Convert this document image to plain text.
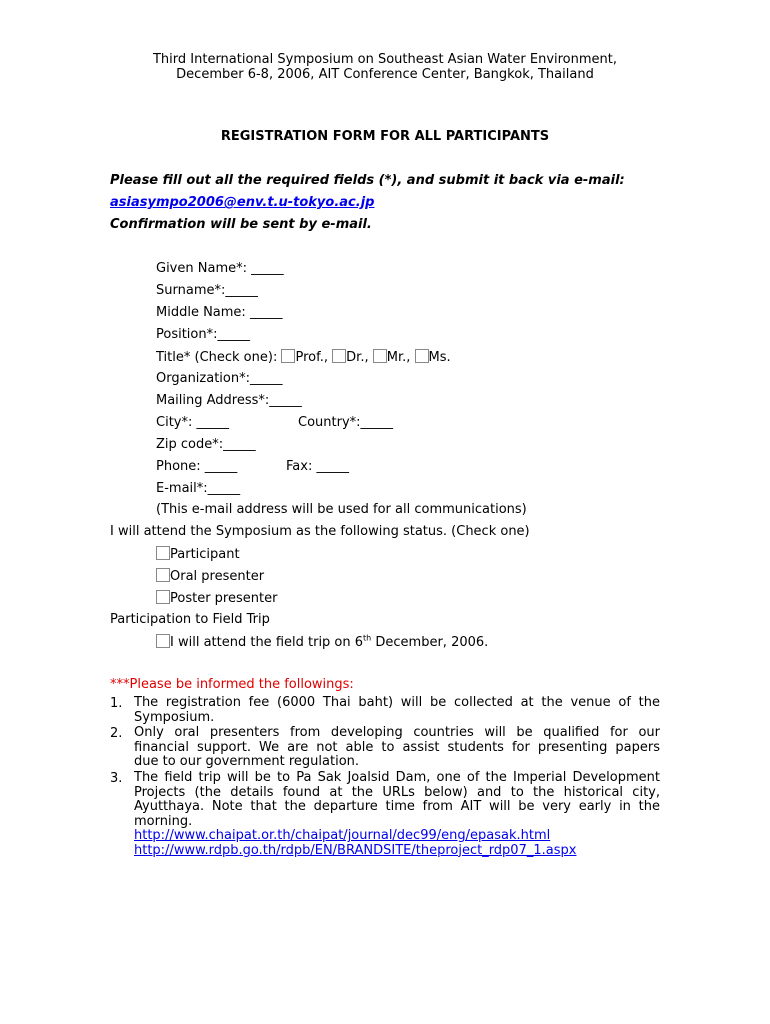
Third International Symposium on Southeast Asian Water Environment,
December 6-8, 2006, AIT Conference Center, Bangkok, Thailand
REGISTRATION FORM FOR ALL PARTICIPANTS
Please fill out all the required fields (*), and submit it back via e-mail:
asiasympo2006@env.t.u-tokyo.ac.jp
Confirmation will be sent by e-mail.
Given Name*: _____
Surname*:_____
Middle Name: _____
Position*:_____
Title* (Check one): Prof., Dr., Mr., Ms.
Organization*:_____
Mailing Address*:_____
City*: _____	Country*:_____
Zip code*:_____
Phone: _____	Fax: _____
E-mail*:_____
(This e-mail address will be used for all communications)
I will attend the Symposium as the following status. (Check one)
Participant
Oral presenter
Poster presenter
Participation to Field Trip
I will attend the field trip on 6th December, 2006.
***Please be informed the followings:
1. The registration fee (6000 Thai baht) will be collected at the venue of the
Symposium.
2. Only oral presenters from developing countries will be qualified for our
financial support. We are not able to assist students for presenting papers
due to our government regulation.
3. The field trip will be to Pa Sak Joalsid Dam, one of the Imperial Development
Projects (the details found at the URLs below) and to the historical city,
Ayutthaya. Note that the departure time from AIT will be very early in the
morning.
http://www.chaipat.or.th/chaipat/journal/dec99/eng/epasak.html
http://www.rdpb.go.th/rdpb/EN/BRANDSITE/theproject_rdp07_1.aspx
